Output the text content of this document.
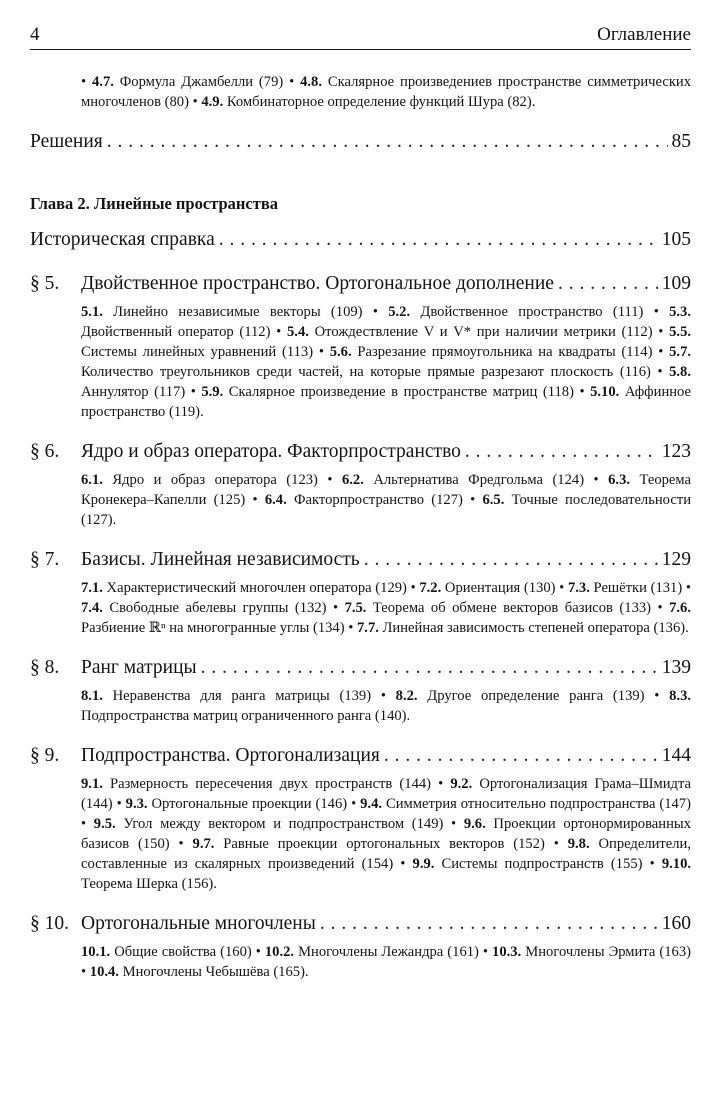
4	Оглавление
• 4.7. Формула Джамбелли (79) • 4.8. Скалярное произведениев пространстве симметрических многочленов (80) • 4.9. Комбинаторное определение функций Шура (82).
Решения . . .	85
Глава 2. Линейные пространства
Историческая справка . . .	105
§ 5.	Двойственное пространство. Ортогональное дополнение . . .	109
5.1. Линейно независимые векторы (109) • 5.2. Двойственное пространство (111) • 5.3. Двойственный оператор (112) • 5.4. Отождествление V и V* при наличии метрики (112) • 5.5. Системы линейных уравнений (113) • 5.6. Разрезание прямоугольника на квадраты (114) • 5.7. Количество треугольников среди частей, на которые прямые разрезают плоскость (116) • 5.8. Аннулятор (117) • 5.9. Скалярное произведение в пространстве матриц (118) • 5.10. Аффинное пространство (119).
§ 6.	Ядро и образ оператора. Факторпространство . . .	123
6.1. Ядро и образ оператора (123) • 6.2. Альтернатива Фредгольма (124) • 6.3. Теорема Кронекера–Капелли (125) • 6.4. Факторпространство (127) • 6.5. Точные последовательности (127).
§ 7.	Базисы. Линейная независимость . . .	129
7.1. Характеристический многочлен оператора (129) • 7.2. Ориентация (130) • 7.3. Решётки (131) • 7.4. Свободные абелевы группы (132) • 7.5. Теорема об обмене векторов базисов (133) • 7.6. Разбиение ℝⁿ на многогранные углы (134) • 7.7. Линейная зависимость степеней оператора (136).
§ 8.	Ранг матрицы . . .	139
8.1. Неравенства для ранга матрицы (139) • 8.2. Другое определение ранга (139) • 8.3. Подпространства матриц ограниченного ранга (140).
§ 9.	Подпространства. Ортогонализация . . .	144
9.1. Размерность пересечения двух пространств (144) • 9.2. Ортогонализация Грама–Шмидта (144) • 9.3. Ортогональные проекции (146) • 9.4. Симметрия относительно подпространства (147) • 9.5. Угол между вектором и подпространством (149) • 9.6. Проекции ортонормированных базисов (150) • 9.7. Равные проекции ортогональных векторов (152) • 9.8. Определители, составленные из скалярных произведений (154) • 9.9. Системы подпространств (155) • 9.10. Теорема Шерка (156).
§ 10. Ортогональные многочлены . . .	160
10.1. Общие свойства (160) • 10.2. Многочлены Лежандра (161) • 10.3. Многочлены Эрмита (163) • 10.4. Многочлены Чебышёва (165).
